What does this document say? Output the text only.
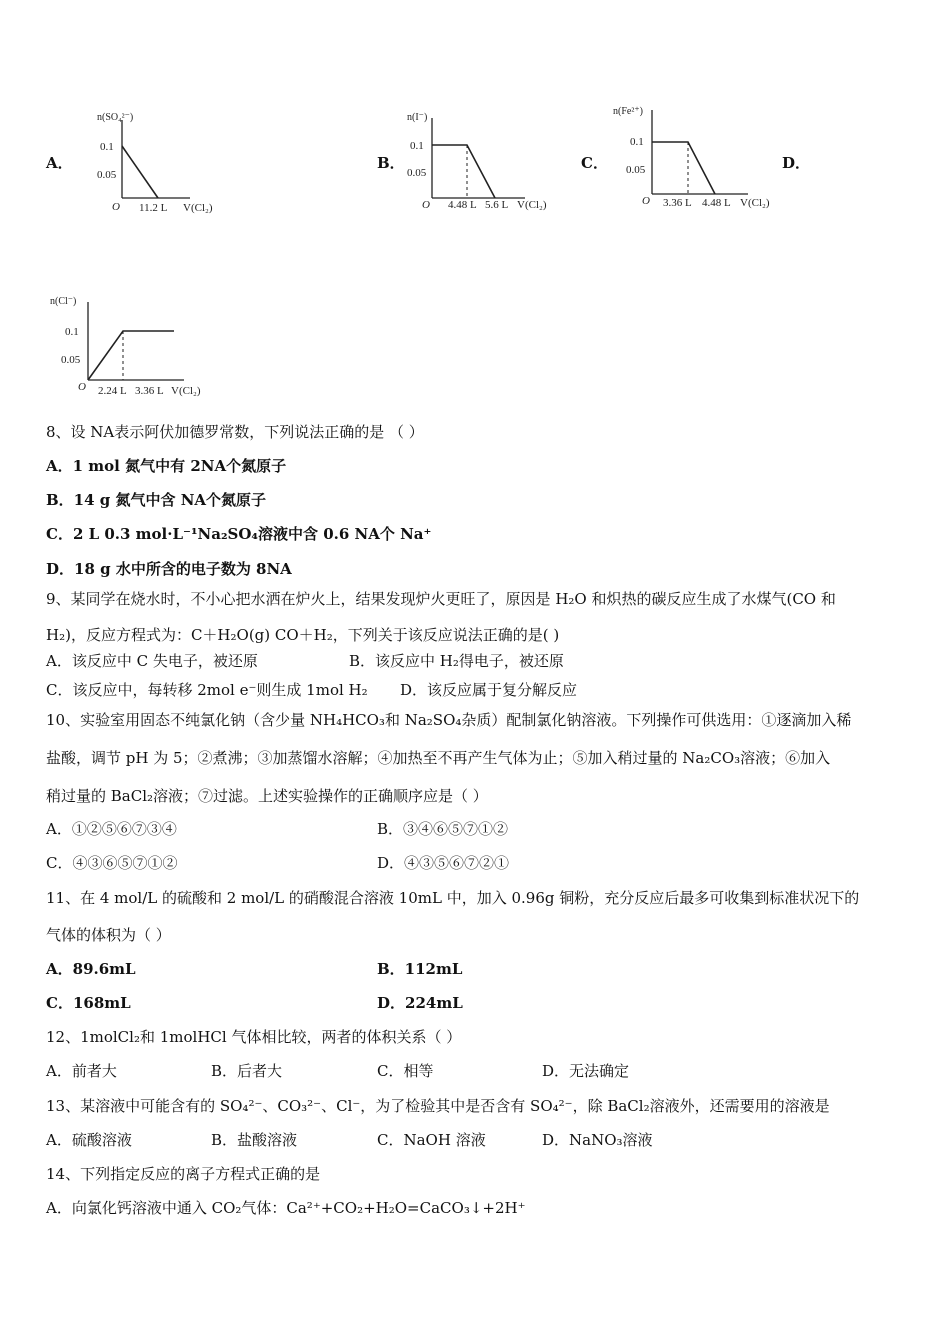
A．
n(SO₄²⁻)
0.1
0.05
O 11.2 L V(Cl₂)
B．
n(I⁻)
0.1
0.05
O 4.48 L 5.6 L V(Cl₂)
C．
n(Fe²⁺)
0.1
0.05
O 3.36 L 4.48 L V(Cl₂)
D．
n(Cl⁻)
0.1
0.05
O 2.24 L 3.36 L V(Cl₂)
8、设 NA表示阿伏加德罗常数，下列说法正确的是 （ ）
A．1 mol 氮气中有 2NA个氮原子
B．14 g 氮气中含 NA个氮原子
C．2 L 0.3 mol·L⁻¹Na₂SO₄溶液中含 0.6 NA个 Na⁺
D．18 g 水中所含的电子数为 8NA
9、某同学在烧水时，不小心把水洒在炉火上，结果发现炉火更旺了，原因是 H₂O 和炽热的碳反应生成了水煤气(CO 和
H₂)，反应方程式为：C＋H₂O(g) CO＋H₂，下列关于该反应说法正确的是( )
A．该反应中 C 失电子，被还原	B．该反应中 H₂得电子，被还原
C．该反应中，每转移 2mol e⁻则生成 1mol H₂ D．该反应属于复分解反应
10、实验室用固态不纯氯化钠（含少量 NH₄HCO₃和 Na₂SO₄杂质）配制氯化钠溶液。下列操作可供选用：①逐滴加入稀
盐酸，调节 pH 为 5；②煮沸；③加蒸馏水溶解；④加热至不再产生气体为止；⑤加入稍过量的 Na₂CO₃溶液；⑥加入
稍过量的 BaCl₂溶液；⑦过滤。上述实验操作的正确顺序应是（ ）
A．①②⑤⑥⑦③④	B．③④⑥⑤⑦①②
C．④③⑥⑤⑦①②	D．④③⑤⑥⑦②①
11、在 4 mol/L 的硫酸和 2 mol/L 的硝酸混合溶液 10mL 中，加入 0.96g 铜粉，充分反应后最多可收集到标准状况下的
气体的体积为（ ）
A．89.6mL	B．112mL
C．168mL	D．224mL
12、1molCl₂和 1molHCl 气体相比较，两者的体积关系（ ）
A．前者大	B．后者大	C．相等	D．无法确定
13、某溶液中可能含有的 SO₄²⁻、CO₃²⁻、Cl⁻，为了检验其中是否含有 SO₄²⁻，除 BaCl₂溶液外，还需要用的溶液是
A．硫酸溶液	B．盐酸溶液	C．NaOH 溶液	D．NaNO₃溶液
14、下列指定反应的离子方程式正确的是
A．向氯化钙溶液中通入 CO₂气体：Ca²⁺+CO₂+H₂O=CaCO₃↓+2H⁺
